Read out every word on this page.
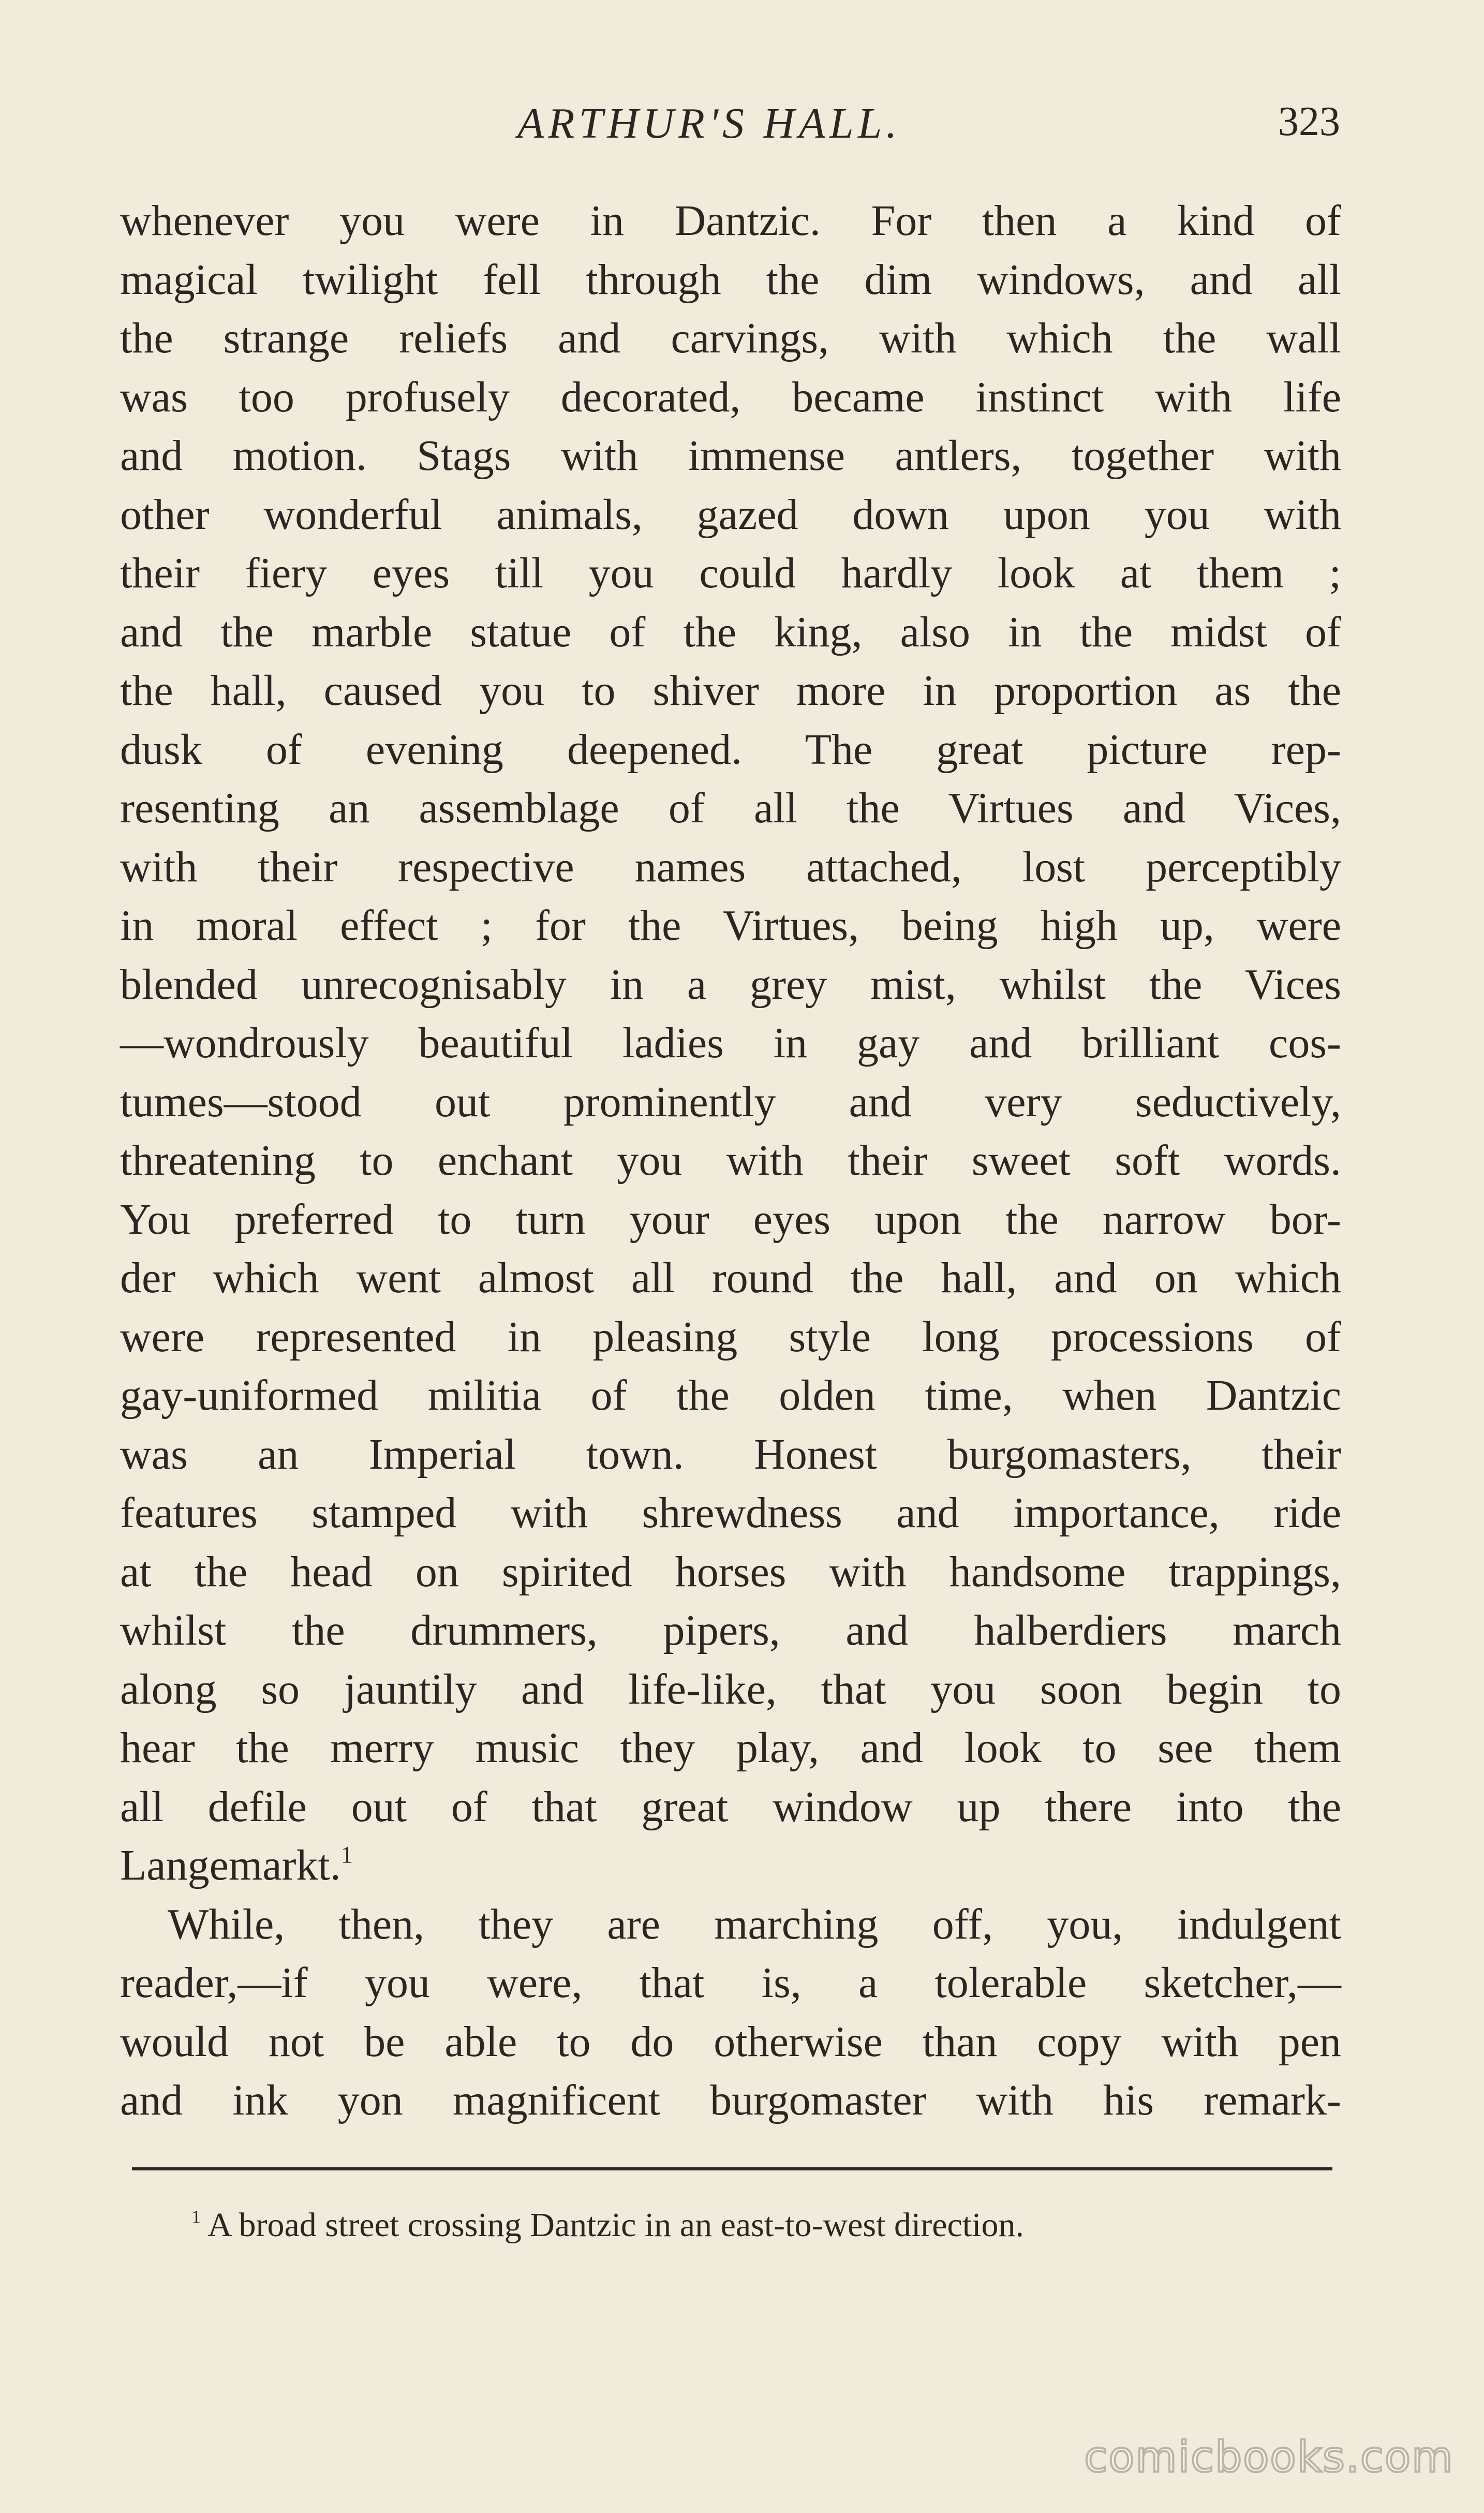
ARTHUR'S HALL.	323
whenever you were in Dantzic. For then a kind of
magical twilight fell through the dim windows, and all
the strange reliefs and carvings, with which the wall
was too profusely decorated, became instinct with life
and motion. Stags with immense antlers, together with
other wonderful animals, gazed down upon you with
their fiery eyes till you could hardly look at them ;
and the marble statue of the king, also in the midst of
the hall, caused you to shiver more in proportion as the
dusk of evening deepened. The great picture rep-
resenting an assemblage of all the Virtues and Vices,
with their respective names attached, lost perceptibly
in moral effect ; for the Virtues, being high up, were
blended unrecognisably in a grey mist, whilst the Vices
—wondrously beautiful ladies in gay and brilliant cos-
tumes—stood out prominently and very seductively,
threatening to enchant you with their sweet soft words.
You preferred to turn your eyes upon the narrow bor-
der which went almost all round the hall, and on which
were represented in pleasing style long processions of
gay-uniformed militia of the olden time, when Dantzic
was an Imperial town. Honest burgomasters, their
features stamped with shrewdness and importance, ride
at the head on spirited horses with handsome trappings,
whilst the drummers, pipers, and halberdiers march
along so jauntily and life-like, that you soon begin to
hear the merry music they play, and look to see them
all defile out of that great window up there into the
Langemarkt.$^1$
While, then, they are marching off, you, indulgent
reader,—if you were, that is, a tolerable sketcher,—
would not be able to do otherwise than copy with pen
and ink yon magnificent burgomaster with his remark-
$^1$ A broad street crossing Dantzic in an east-to-west direction.
comicbooks.com
